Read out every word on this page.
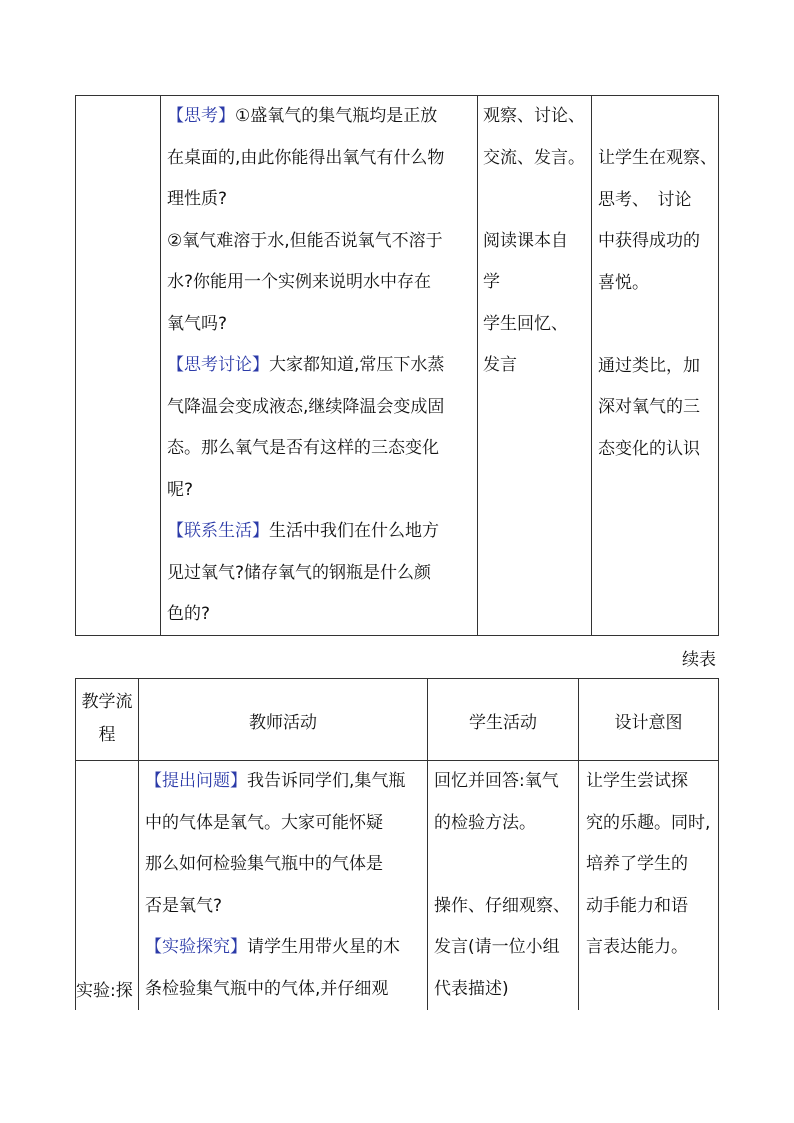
【思考】①盛氧气的集气瓶均是正放
在桌面的,由此你能得出氧气有什么物
理性质?
②氧气难溶于水,但能否说氧气不溶于
水?你能用一个实例来说明水中存在
氧气吗?
【思考讨论】大家都知道,常压下水蒸
气降温会变成液态,继续降温会变成固
态。那么氧气是否有这样的三态变化
呢?
【联系生活】生活中我们在什么地方
见过氧气?储存氧气的钢瓶是什么颜
色的?
观察、讨论、
交流、发言。
阅读课本自
学
学生回忆、
发言
让学生在观察、
思考、　讨论
中获得成功的
喜悦。
通过类比，加
深对氧气的三
态变化的认识
续表
教学流
程
教师活动	学生活动	设计意图
实验:探
【提出问题】我告诉同学们,集气瓶
中的气体是氧气。大家可能怀疑
那么如何检验集气瓶中的气体是
否是氧气?
【实验探究】请学生用带火星的木
条检验集气瓶中的气体,并仔细观
回忆并回答:氧气
的检验方法。
操作、仔细观察、
发言(请一位小组
代表描述)
让学生尝试探
究的乐趣。同时,
培养了学生的
动手能力和语
言表达能力。
